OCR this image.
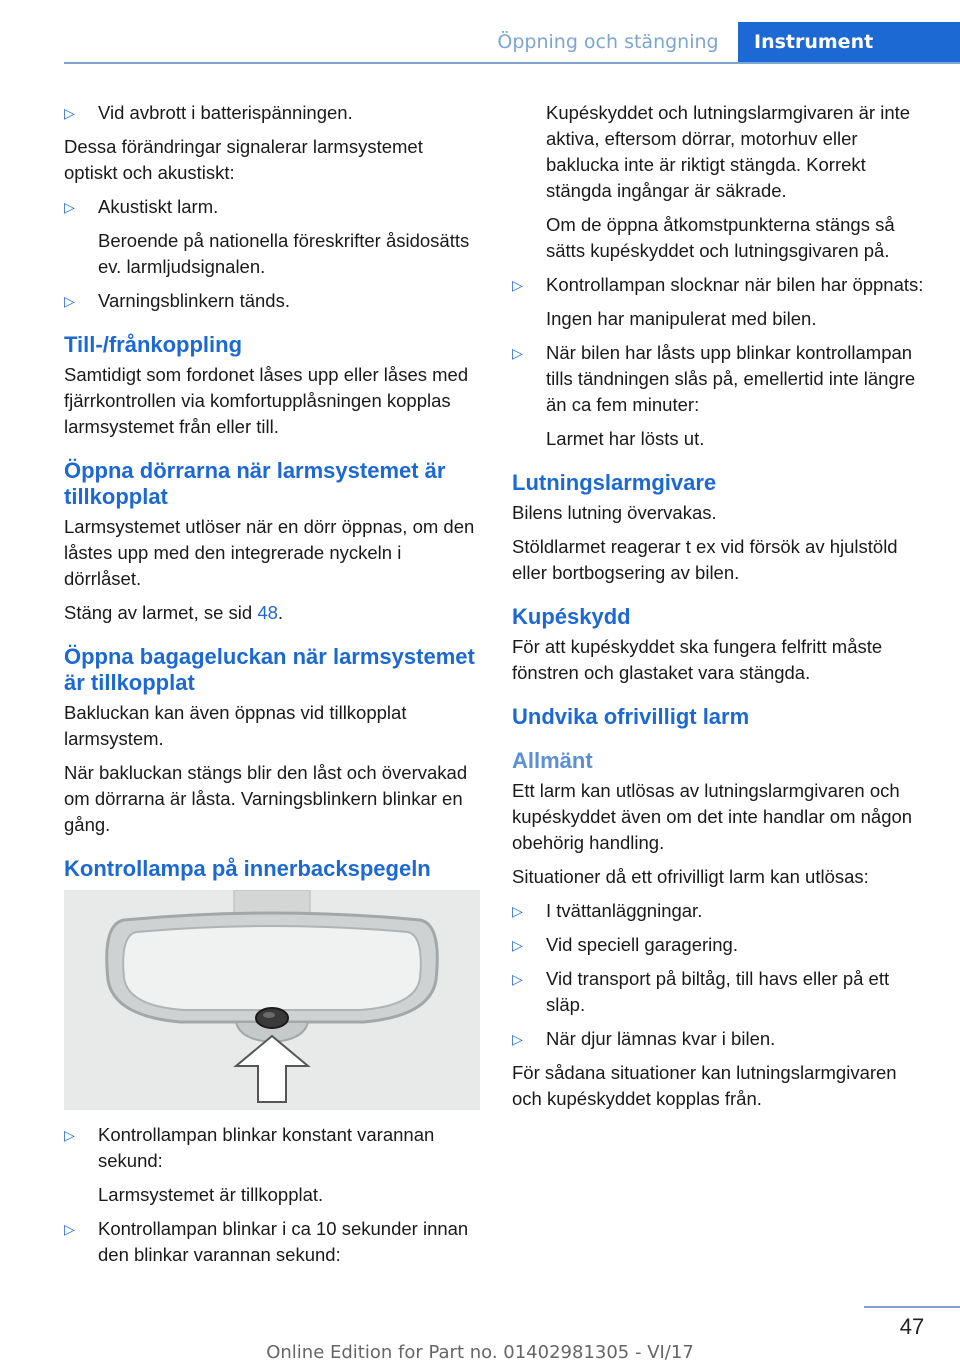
Öppning och stängning	Instrument
▷ Vid avbrott i batterispänningen.

Dessa förändringar signalerar larmsystemet optiskt och akustiskt:

▷ Akustiskt larm.
Beroende på nationella föreskrifter åsidosätts ev. larmljudsignalen.
▷ Varningsblinkern tänds.
Till-/frånkoppling

Samtidigt som fordonet låses upp eller låses med fjärrkontrollen via komfortupplåsningen kopplas larmsystemet från eller till.

Öppna dörrarna när larmsystemet är tillkopplat

Larmsystemet utlöser när en dörr öppnas, om den låstes upp med den integrerade nyckeln i dörrlåset.

Stäng av larmet, se sid 48.

Öppna bagageluckan när larmsystemet är tillkopplat

Bakluckan kan även öppnas vid tillkopplat larmsystem.

När bakluckan stängs blir den låst och övervakad om dörrarna är låsta. Varningsblinkern blinkar en gång.

Kontrollampa på innerbackspegeln
▷ Kontrollampan blinkar konstant varannan sekund:
Larmsystemet är tillkopplat.
▷ Kontrollampan blinkar i ca 10 sekunder innan den blinkar varannan sekund:
Kupéskyddet och lutningslarmgivaren är inte aktiva, eftersom dörrar, motorhuv eller baklucka inte är riktigt stängda. Korrekt stängda ingångar är säkrade.
Om de öppna åtkomstpunkterna stängs så sätts kupéskyddet och lutningsgivaren på.
▷ Kontrollampan slocknar när bilen har öppnats:
Ingen har manipulerat med bilen.
▷ När bilen har låsts upp blinkar kontrollampan tills tändningen slås på, emellertid inte längre än ca fem minuter:
Larmet har lösts ut.
Lutningslarmgivare

Bilens lutning övervakas.

Stöldlarmet reagerar t ex vid försök av hjulstöld eller bortbogsering av bilen.

Kupéskydd

För att kupéskyddet ska fungera felfritt måste fönstren och glastaket vara stängda.

Undvika ofrivilligt larm
Allmänt

Ett larm kan utlösas av lutningslarmgivaren och kupéskyddet även om det inte handlar om någon obehörig handling.

Situationer då ett ofrivilligt larm kan utlösas:

▷ I tvättanläggningar.
▷ Vid speciell garagering.
▷ Vid transport på biltåg, till havs eller på ett släp.
▷ När djur lämnas kvar i bilen.

För sådana situationer kan lutningslarmgivaren och kupéskyddet kopplas från.

47
Online Edition for Part no. 01402981305 - VI/17
